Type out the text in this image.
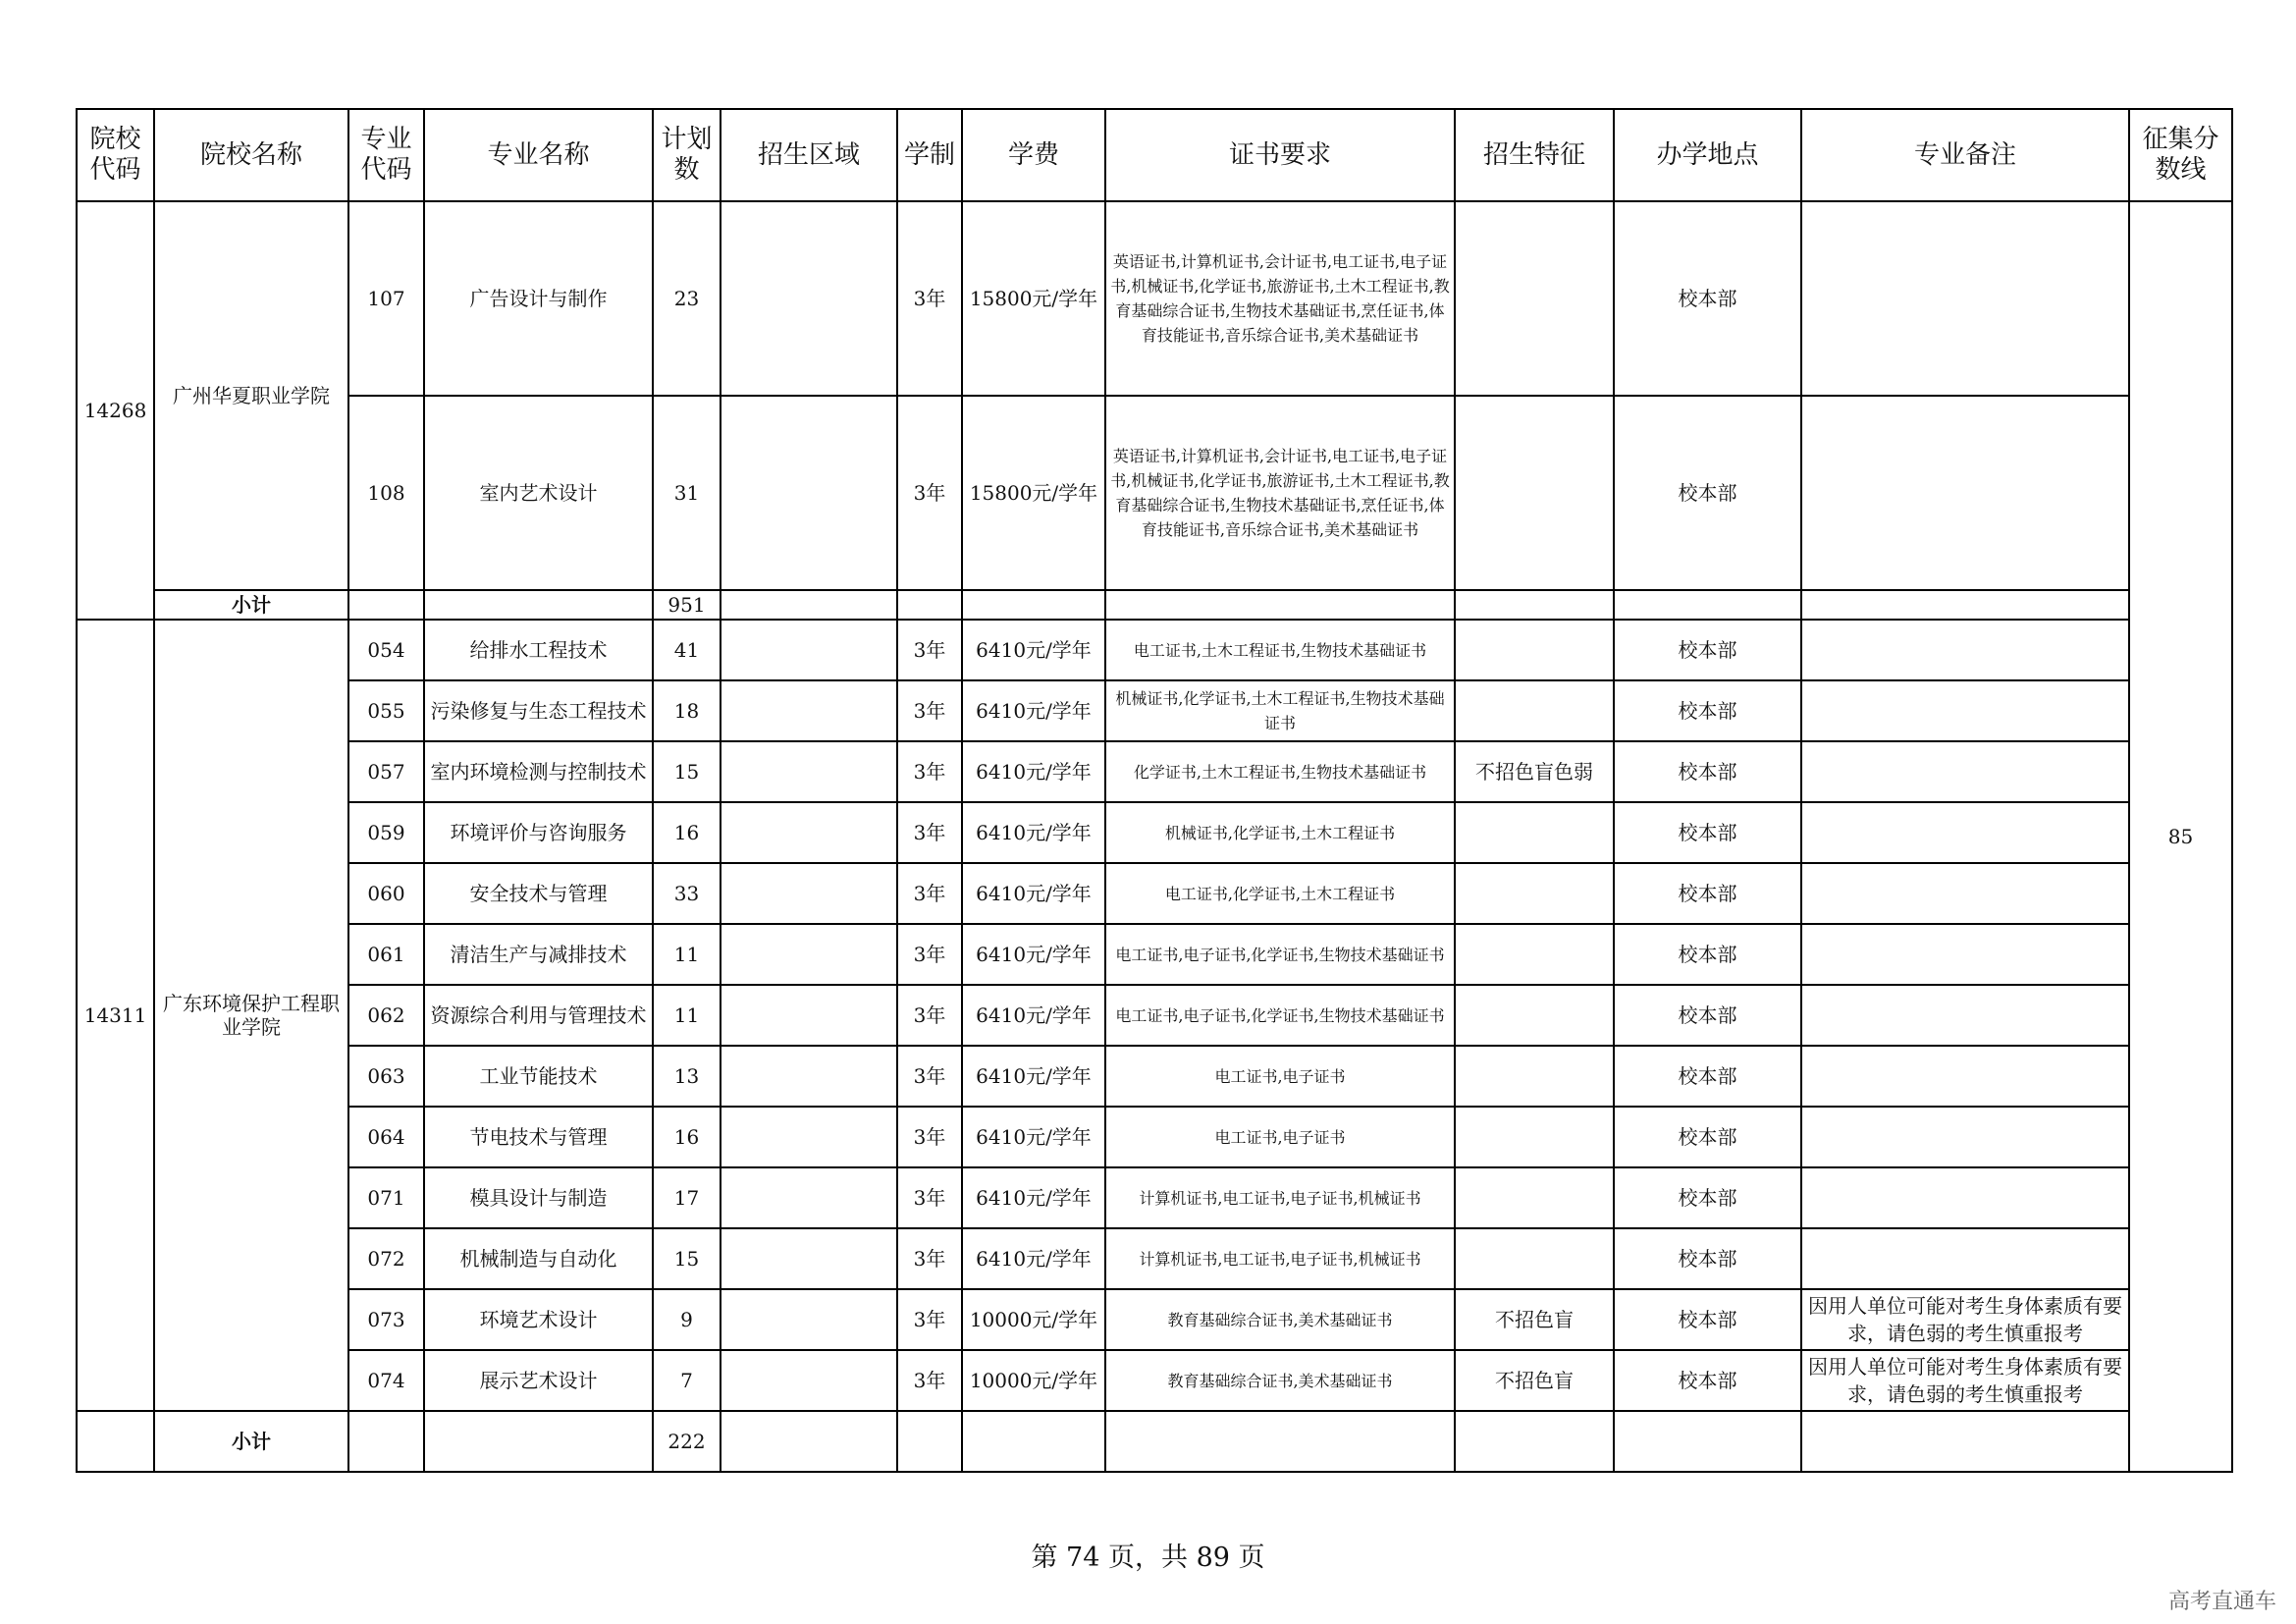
院校代码	院校名称	专业代码	专业名称	计划数	招生区域	学制	学费	证书要求	招生特征	办学地点	专业备注	征集分数线
14268	广州华夏职业学院	107	广告设计与制作	23		3年	15800元/学年	英语证书,计算机证书,会计证书,电工证书,电子证书,机械证书,化学证书,旅游证书,土木工程证书,教育基础综合证书,生物技术基础证书,烹任证书,体育技能证书,音乐综合证书,美术基础证书		校本部		85
		108	室内艺术设计	31		3年	15800元/学年	英语证书,计算机证书,会计证书,电工证书,电子证书,机械证书,化学证书,旅游证书,土木工程证书,教育基础综合证书,生物技术基础证书,烹任证书,体育技能证书,音乐综合证书,美术基础证书		校本部		
	小计			951								
14311	广东环境保护工程职业学院	054	给排水工程技术	41		3年	6410元/学年	电工证书,土木工程证书,生物技术基础证书		校本部		
		055	污染修复与生态工程技术	18		3年	6410元/学年	机械证书,化学证书,土木工程证书,生物技术基础证书		校本部		
		057	室内环境检测与控制技术	15		3年	6410元/学年	化学证书,土木工程证书,生物技术基础证书	不招色盲色弱	校本部		
		059	环境评价与咨询服务	16		3年	6410元/学年	机械证书,化学证书,土木工程证书		校本部		
		060	安全技术与管理	33		3年	6410元/学年	电工证书,化学证书,土木工程证书		校本部		
		061	清洁生产与减排技术	11		3年	6410元/学年	电工证书,电子证书,化学证书,生物技术基础证书		校本部		
		062	资源综合利用与管理技术	11		3年	6410元/学年	电工证书,电子证书,化学证书,生物技术基础证书		校本部		
		063	工业节能技术	13		3年	6410元/学年	电工证书,电子证书		校本部		
		064	节电技术与管理	16		3年	6410元/学年	电工证书,电子证书		校本部		
		071	模具设计与制造	17		3年	6410元/学年	计算机证书,电工证书,电子证书,机械证书		校本部		
		072	机械制造与自动化	15		3年	6410元/学年	计算机证书,电工证书,电子证书,机械证书		校本部		
		073	环境艺术设计	9		3年	10000元/学年	教育基础综合证书,美术基础证书	不招色盲	校本部	因用人单位可能对考生身体素质有要求，请色弱的考生慎重报考	
		074	展示艺术设计	7		3年	10000元/学年	教育基础综合证书,美术基础证书	不招色盲	校本部	因用人单位可能对考生身体素质有要求，请色弱的考生慎重报考	
	小计			222								
第 74 页，共 89 页
高考直通车
